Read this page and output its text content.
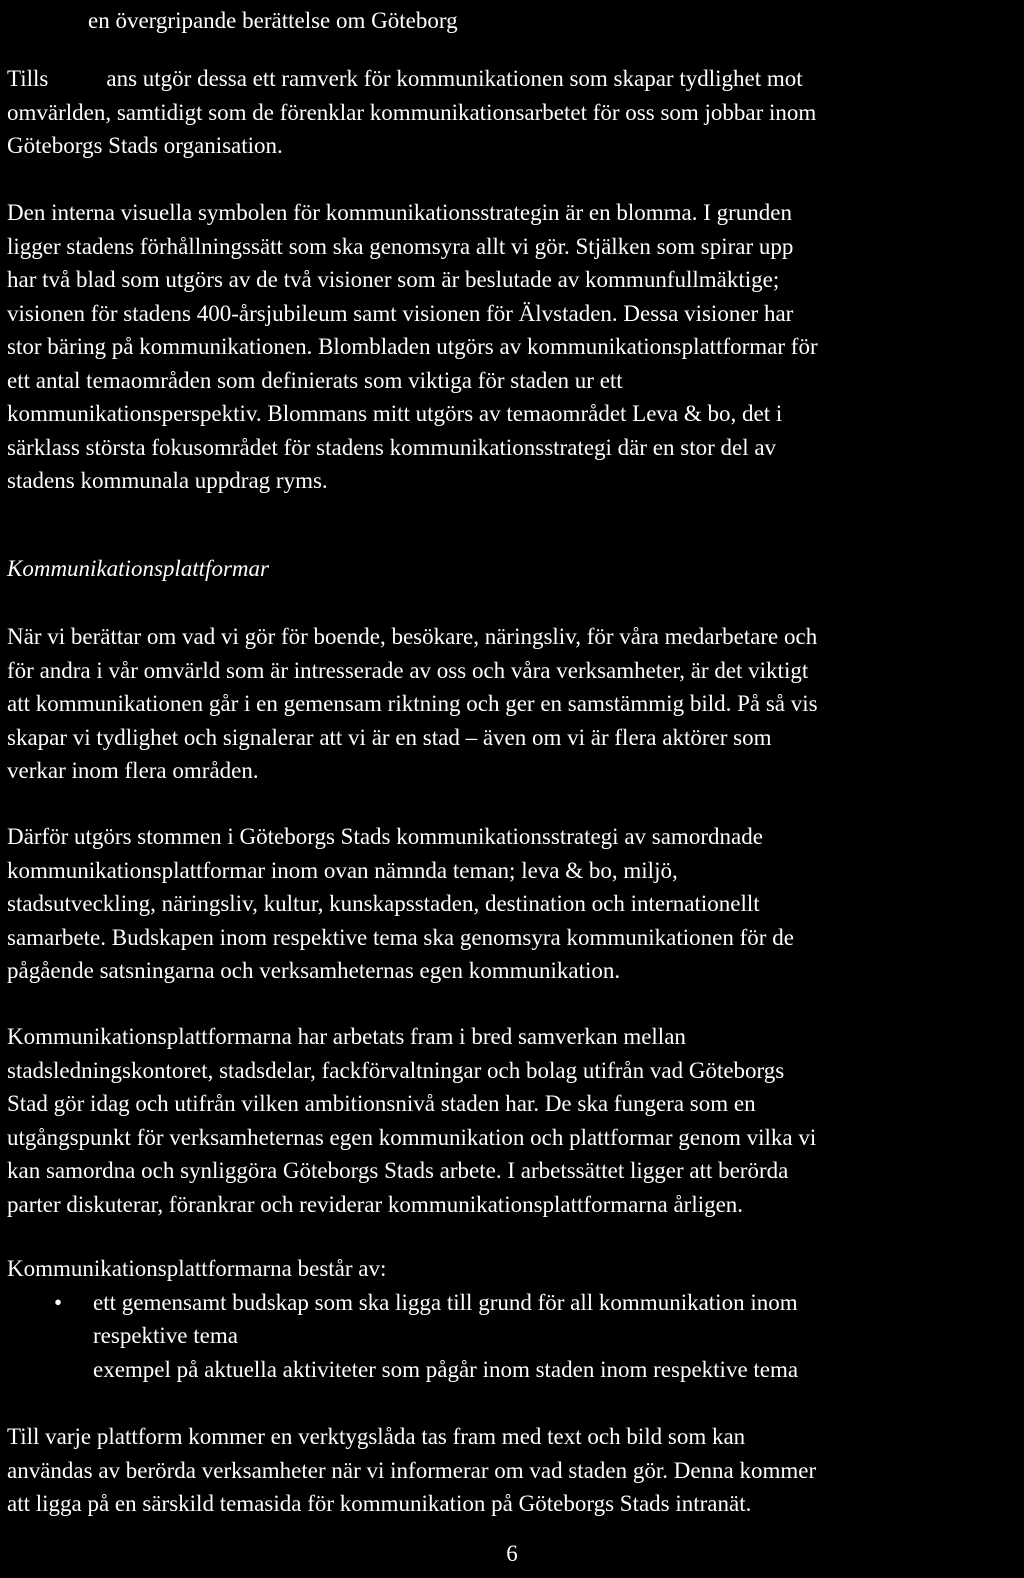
en övergripande berättelse om Göteborg
Tills	ans utgör dessa ett ramverk för kommunikationen som skapar tydlighet mot
omvärlden, samtidigt som de förenklar kommunikationsarbetet för oss som jobbar inom
Göteborgs Stads organisation.
Den interna visuella symbolen för kommunikationsstrategin är en blomma. I grunden
ligger stadens förhållningssätt som ska genomsyra allt vi gör. Stjälken som spirar upp
har två blad som utgörs av de två visioner som är beslutade av kommunfullmäktige;
visionen för stadens 400-årsjubileum samt visionen för Älvstaden. Dessa visioner har
stor bäring på kommunikationen. Blombladen utgörs av kommunikationsplattformar för
ett antal temaområden som definierats som viktiga för staden ur ett
kommunikationsperspektiv. Blommans mitt utgörs av temaområdet Leva & bo, det i
särklass största fokusområdet för stadens kommunikationsstrategi där en stor del av
stadens kommunala uppdrag ryms.
Kommunikationsplattformar
När vi berättar om vad vi gör för boende, besökare, näringsliv, för våra medarbetare och
för andra i vår omvärld som är intresserade av oss och våra verksamheter, är det viktigt
att kommunikationen går i en gemensam riktning och ger en samstämmig bild. På så vis
skapar vi tydlighet och signalerar att vi är en stad – även om vi är flera aktörer som
verkar inom flera områden.
Därför utgörs stommen i Göteborgs Stads kommunikationsstrategi av samordnade
kommunikationsplattformar inom ovan nämnda teman; leva & bo, miljö,
stadsutveckling, näringsliv, kultur, kunskapsstaden, destination och internationellt
samarbete. Budskapen inom respektive tema ska genomsyra kommunikationen för de
pågående satsningarna och verksamheternas egen kommunikation.
Kommunikationsplattformarna har arbetats fram i bred samverkan mellan
stadsledningskontoret, stadsdelar, fackförvaltningar och bolag utifrån vad Göteborgs
Stad gör idag och utifrån vilken ambitionsnivå staden har. De ska fungera som en
utgångspunkt för verksamheternas egen kommunikation och plattformar genom vilka vi
kan samordna och synliggöra Göteborgs Stads arbete. I arbetssättet ligger att berörda
parter diskuterar, förankrar och reviderar kommunikationsplattformarna årligen.
Kommunikationsplattformarna består av:
• ett gemensamt budskap som ska ligga till grund för all kommunikation inom
respektive tema
exempel på aktuella aktiviteter som pågår inom staden inom respektive tema
Till varje plattform kommer en verktygslåda tas fram med text och bild som kan
användas av berörda verksamheter när vi informerar om vad staden gör. Denna kommer
att ligga på en särskild temasida för kommunikation på Göteborgs Stads intranät.
6
